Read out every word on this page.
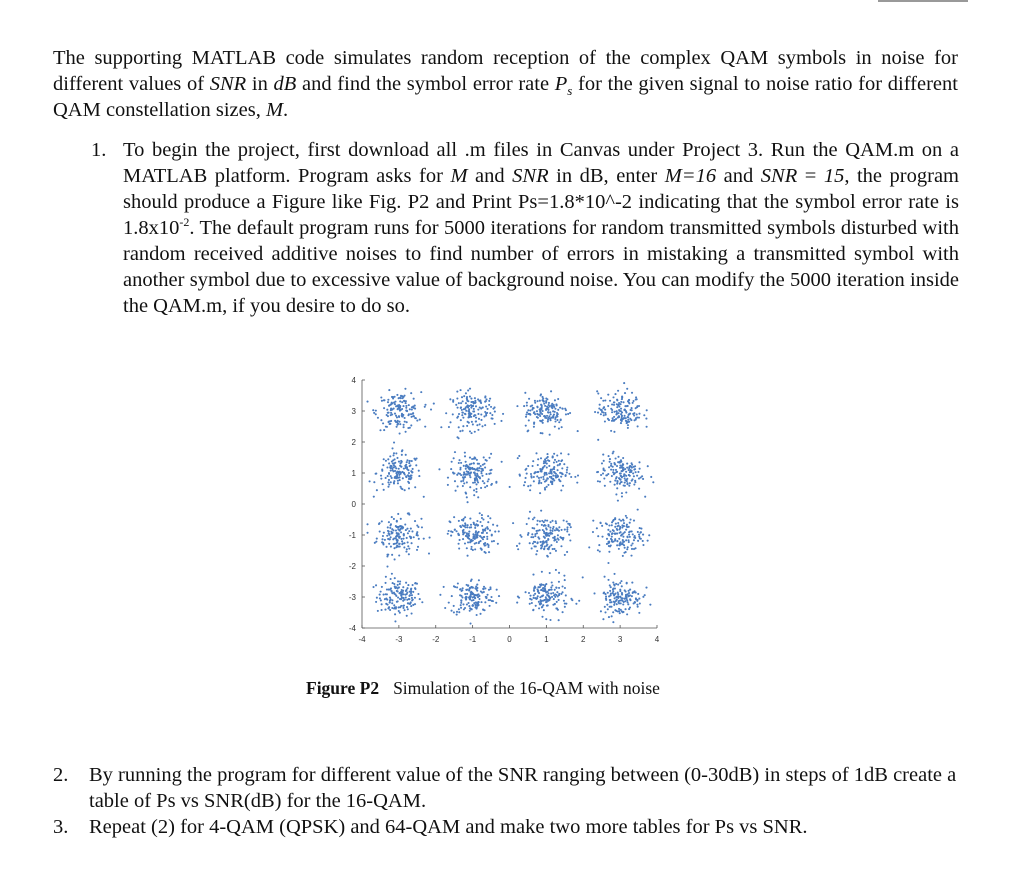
The supporting MATLAB code simulates random reception of the complex QAM symbols in noise for different values of SNR in dB and find the symbol error rate $P_s$ for the given signal to noise ratio for different QAM constellation sizes, M.

1. To begin the project, first download all .m files in Canvas under Project 3. Run the QAM.m on a MATLAB platform. Program asks for M and SNR in dB, enter M=16 and SNR = 15, the program should produce a Figure like Fig. P2 and Print Ps=1.8*10^-2 indicating that the symbol error rate is $1.8x10^{-2}$. The default program runs for 5000 iterations for random transmitted symbols disturbed with random received additive noises to find number of errors in mistaking a transmitted symbol with another symbol due to excessive value of background noise. You can modify the 5000 iteration inside the QAM.m, if you desire to do so.

-4	-3	-2	-1	0	1	2	3	4
4
3
2
1
0
-1
-2
-3
-4
Figure P2 Simulation of the 16-QAM with noise

2. By running the program for different value of the SNR ranging between (0-30dB) in steps of 1dB create a table of Ps vs SNR(dB) for the 16-QAM.

3. Repeat (2) for 4-QAM (QPSK) and 64-QAM and make two more tables for Ps vs SNR.
